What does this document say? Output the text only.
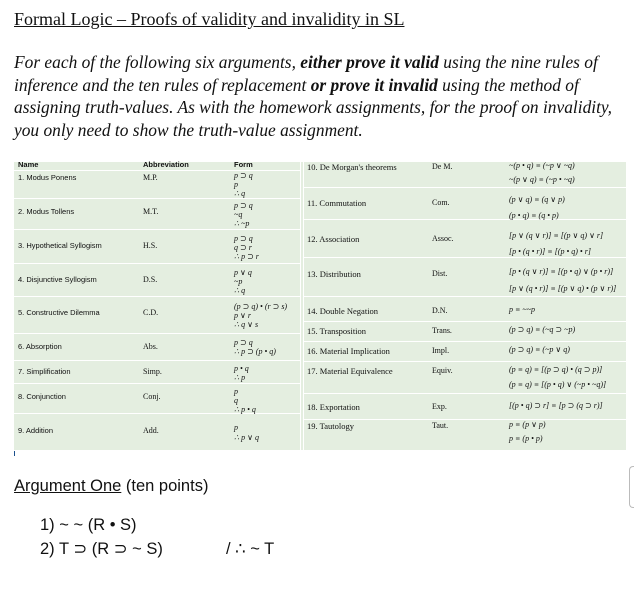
Formal Logic – Proofs of validity and invalidity in SL
For each of the following six arguments, either prove it valid using the nine rules of inference and the ten rules of replacement or prove it invalid using the method of assigning truth-values. As with the homework assignments, for the proof on invalidity, you only need to show the truth-value assignment.
Name	Abbreviation	Form
1. Modus Ponens	M.P.	p ⊃ q
p
∴ q
2. Modus Tollens	M.T.
p ⊃ q
~q
∴ ~p
3. Hypothetical Syllogism	H.S.
p ⊃ q
q ⊃ r
∴ p ⊃ r
4. Disjunctive Syllogism	D.S.
p ∨ q
~p
∴ q
5. Constructive Dilemma	C.D.
(p ⊃ q) • (r ⊃ s)
p ∨ r
∴ q ∨ s
6. Absorption	Abs.	p ⊃ q
∴ p ⊃ (p • q)
7. Simplification	Simp.	p • q
∴ p
8. Conjunction	Conj.
p
q
∴ p • q
9. Addition	Add.	p
∴ p ∨ q
10. De Morgan's theorems	De M.	~(p • q) ≡ (~p ∨ ~q)
~(p ∨ q) ≡ (~p • ~q)
11. Commutation	Com.	(p ∨ q) ≡ (q ∨ p)
(p • q) ≡ (q • p)
12. Association	Assoc.	[p ∨ (q ∨ r)] ≡ [(p ∨ q) ∨ r]
[p • (q • r)] ≡ [(p • q) • r]
13. Distribution	Dist.	[p • (q ∨ r)] ≡ [(p • q) ∨ (p • r)]
[p ∨ (q • r)] ≡ [(p ∨ q) • (p ∨ r)]
14. Double Negation	D.N.	p ≡ ~~p
15. Transposition	Trans.	(p ⊃ q) ≡ (~q ⊃ ~p)
16. Material Implication	Impl.	(p ⊃ q) ≡ (~p ∨ q)
17. Material Equivalence	Equiv.	(p ≡ q) ≡ [(p ⊃ q) • (q ⊃ p)]
(p ≡ q) ≡ [(p • q) ∨ (~p • ~q)]
18. Exportation	Exp.	[(p • q) ⊃ r] ≡ [p ⊃ (q ⊃ r)]
19. Tautology	Taut.	p ≡ (p ∨ p)
p ≡ (p • p)
Argument One (ten points)
1) ~ ~ (R • S)
2) T ⊃ (R ⊃ ~ S)	/ ∴ ~ T
